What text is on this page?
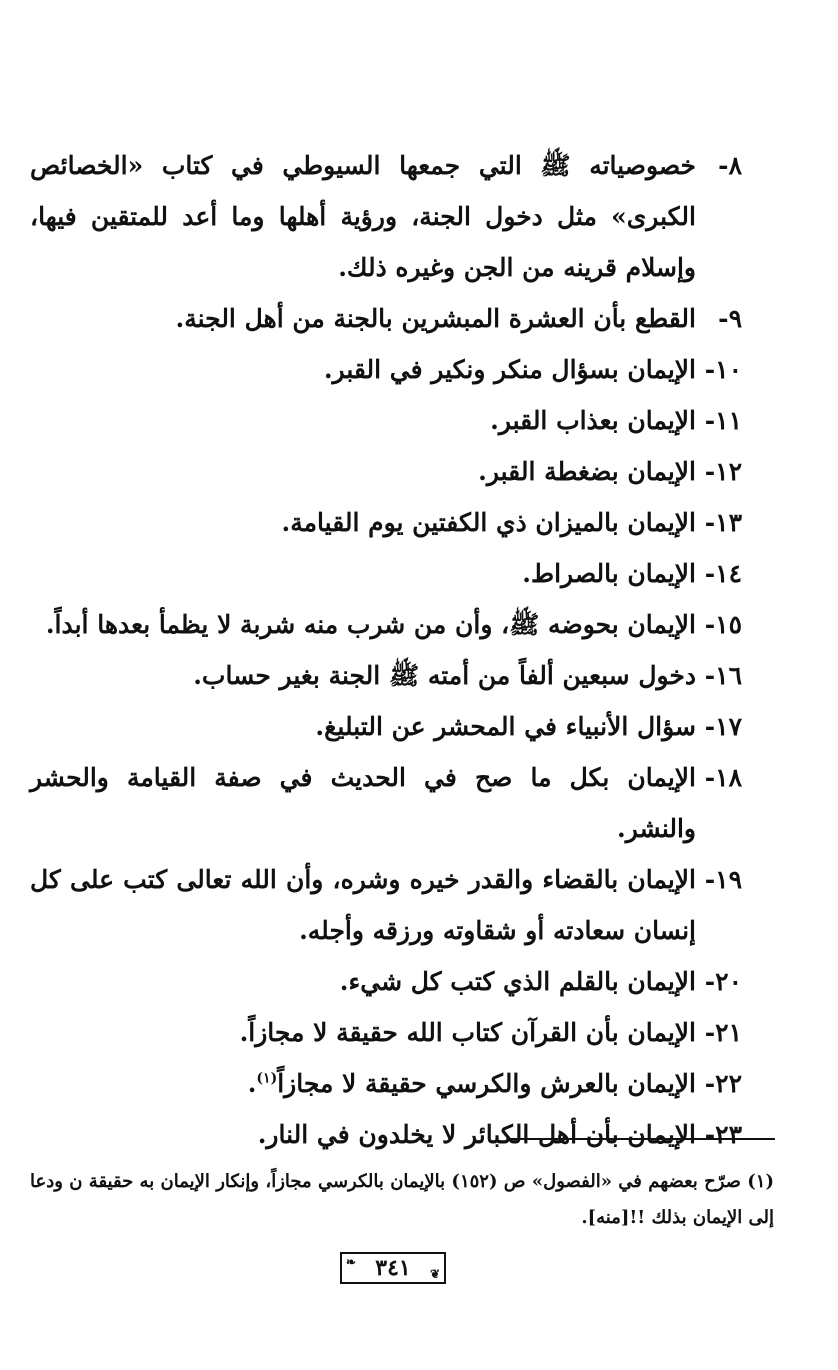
٨-
خصوصياته ﷺ التي جمعها السيوطي في كتاب «الخصائص الكبرى» مثل دخول الجنة، ورؤية أهلها وما أعد للمتقين فيها، وإسلام قرينه من الجن وغيره ذلك.
٩-
القطع بأن العشرة المبشرين بالجنة من أهل الجنة.
١٠-
الإيمان بسؤال منكر ونكير في القبر.
١١-
الإيمان بعذاب القبر.
١٢-
الإيمان بضغطة القبر.
١٣-
الإيمان بالميزان ذي الكفتين يوم القيامة.
١٤-
الإيمان بالصراط.
١٥-
الإيمان بحوضه ﷺ، وأن من شرب منه شربة لا يظمأ بعدها أبداً.
١٦-
دخول سبعين ألفاً من أمته ﷺ الجنة بغير حساب.
١٧-
سؤال الأنبياء في المحشر عن التبليغ.
١٨-
الإيمان بكل ما صح في الحديث في صفة القيامة والحشر والنشر.
١٩-
الإيمان بالقضاء والقدر خيره وشره، وأن الله تعالى كتب على كل إنسان سعادته أو شقاوته ورزقه وأجله.
٢٠-
الإيمان بالقلم الذي كتب كل شيء.
٢١-
الإيمان بأن القرآن كتاب الله حقيقة لا مجازاً.
٢٢-
الإيمان بالعرش والكرسي حقيقة لا مجازاً$^{(١)}$.
٢٣-
الإيمان بأن أهل الكبائر لا يخلدون في النار.
(١) صرّح بعضهم في «الفصول» ص (١٥٢) بالإيمان بالكرسي مجازاً، وإنكار الإيمان به حقيقة ن ودعا إلى الإيمان بذلك !![منه].
❧ ٣٤١ ❦
